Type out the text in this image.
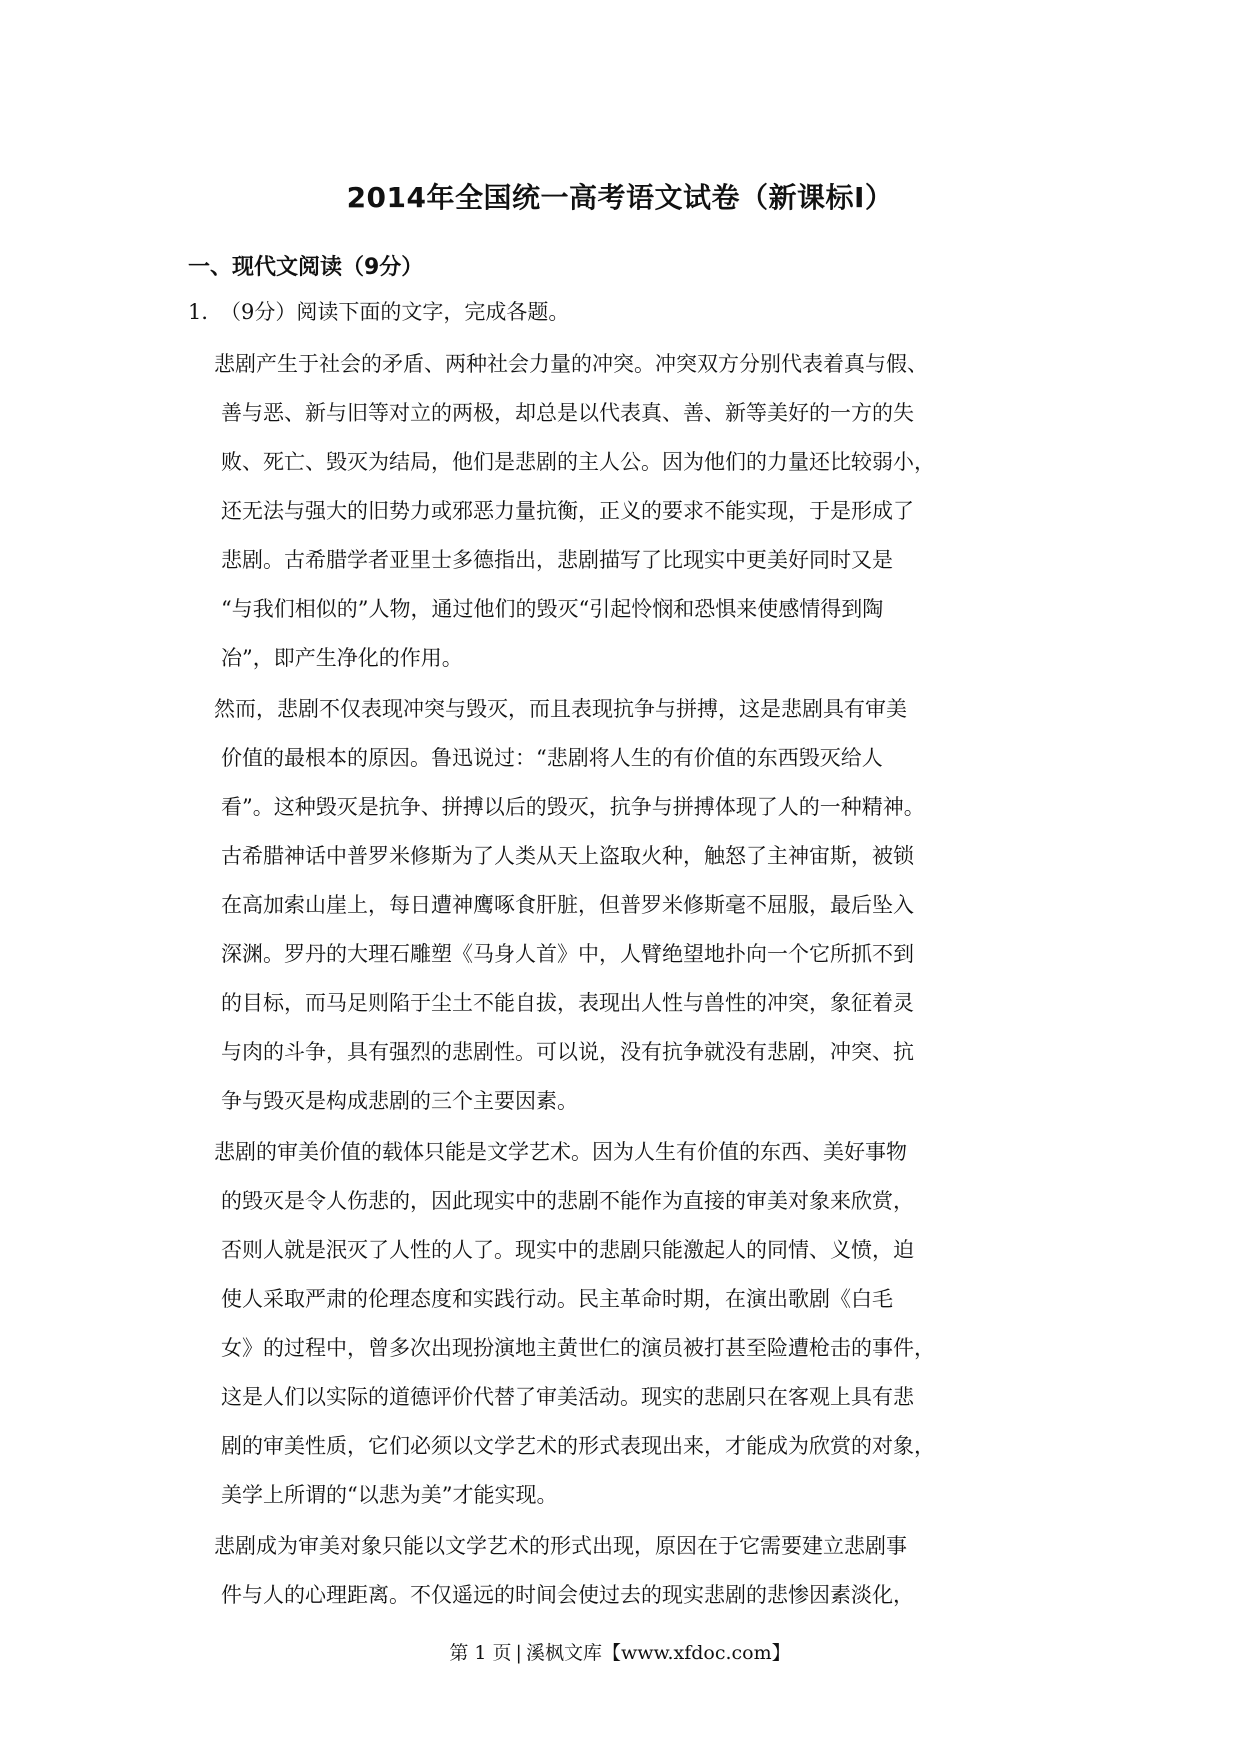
2014年全国统一高考语文试卷（新课标Ⅰ）
一、现代文阅读（9分）

1．（9分）阅读下面的文字，完成各题。

悲剧产生于社会的矛盾、两种社会力量的冲突。冲突双方分别代表着真与假、
善与恶、新与旧等对立的两极，却总是以代表真、善、新等美好的一方的失
败、死亡、毁灭为结局，他们是悲剧的主人公。因为他们的力量还比较弱小，
还无法与强大的旧势力或邪恶力量抗衡，正义的要求不能实现，于是形成了
悲剧。古希腊学者亚里士多德指出，悲剧描写了比现实中更美好同时又是
“与我们相似的”人物，通过他们的毁灭“引起怜悯和恐惧来使感情得到陶
冶”，即产生净化的作用。

然而，悲剧不仅表现冲突与毁灭，而且表现抗争与拼搏，这是悲剧具有审美
价值的最根本的原因。鲁迅说过：“悲剧将人生的有价值的东西毁灭给人
看”。这种毁灭是抗争、拼搏以后的毁灭，抗争与拼搏体现了人的一种精神。
古希腊神话中普罗米修斯为了人类从天上盗取火种，触怒了主神宙斯，被锁
在高加索山崖上，每日遭神鹰啄食肝脏，但普罗米修斯毫不屈服，最后坠入
深渊。罗丹的大理石雕塑《马身人首》中，人臂绝望地扑向一个它所抓不到
的目标，而马足则陷于尘土不能自拔，表现出人性与兽性的冲突，象征着灵
与肉的斗争，具有强烈的悲剧性。可以说，没有抗争就没有悲剧，冲突、抗
争与毁灭是构成悲剧的三个主要因素。

悲剧的审美价值的载体只能是文学艺术。因为人生有价值的东西、美好事物
的毁灭是令人伤悲的，因此现实中的悲剧不能作为直接的审美对象来欣赏，
否则人就是泯灭了人性的人了。现实中的悲剧只能激起人的同情、义愤，迫
使人采取严肃的伦理态度和实践行动。民主革命时期，在演出歌剧《白毛
女》的过程中，曾多次出现扮演地主黄世仁的演员被打甚至险遭枪击的事件，
这是人们以实际的道德评价代替了审美活动。现实的悲剧只在客观上具有悲
剧的审美性质，它们必须以文学艺术的形式表现出来，才能成为欣赏的对象，
美学上所谓的“以悲为美”才能实现。

悲剧成为审美对象只能以文学艺术的形式出现，原因在于它需要建立悲剧事
件与人的心理距离。不仅遥远的时间会使过去的现实悲剧的悲惨因素淡化，

第 1 页 | 溪枫文库【www.xfdoc.com】
